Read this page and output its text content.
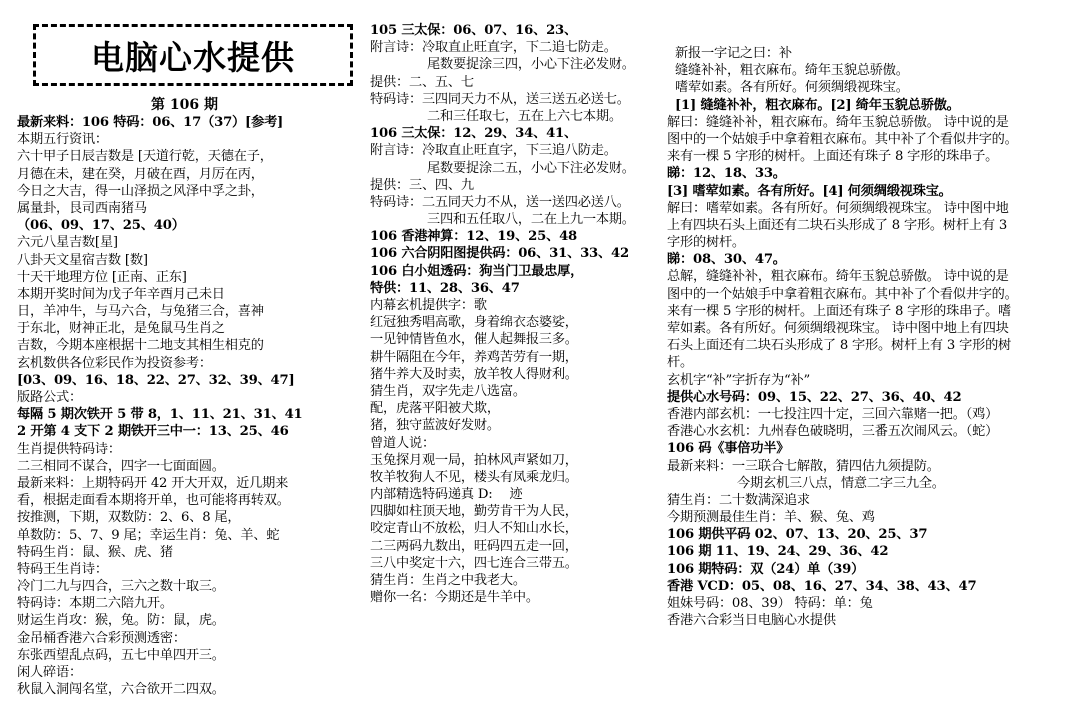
电脑心水提供
第 106 期
最新来料：106 特码：06、17（37）[参考]
本期五行资讯：
六十甲子日辰吉数是 [天道行乾，天德在子，
月德在未，建在癸，月破在酉，月厉在丙，
今日之大吉，得一山泽损之风泽中孚之卦，
属量卦，艮司西南猪马
（06、09、17、25、40）
六元八星吉数[星]
八卦天文星宿吉数 [数]
十天干地理方位 [正南、正东]
本期开奖时间为戊子年辛酉月己未日
日，羊冲牛，与马六合，与兔猪三合，喜神
于东北，财神正北，是兔鼠马生肖之
吉数，今期本座根据十二地支其相生相克的
玄机数供各位彩民作为投资参考：
[03、09、16、18、22、27、32、39、47]
版路公式：
每隔 5 期次铁开 5 带 8，1、11、21、31、41
2 开第 4 支下 2 期铁开三中一：13、25、46
生肖提供特码诗：
二三相同不谋合，四字一七面面圆。
最新来料：上期特码开 42 开大开双，近几期来
看，根据走面看本期将开单，也可能将再转双。
按推测，下期，双数防：2、6、8 尾，
单数防：5、7、9 尾；幸运生肖：兔、羊、蛇
特码生肖：鼠、猴、虎、猪
特码王生肖诗：
冷门二九与四合，三六之数十取三。
特码诗：本期二六陪九开。
财运生肖攻：猴，兔。防：鼠，虎。
金吊桶香港六合彩预测透密：
东张西望乱点码，五七中单四开三。
闲人碎语：
秋鼠入洞闯名堂，六合欲开二四双。
105 三太保：06、07、16、23、
附言诗：冷取直止旺直字，下二追七防走。
尾数要捉涂三四，小心下注必发财。
提供：二、五、七
特码诗：三四同天力不从，送三送五必送七。
二和三任取七，五在上六七本期。
106 三太保：12、29、34、41、
附言诗：冷取直止旺直字，下三追八防走。
尾数要捉涂二五，小心下注必发财。
提供：三、四、九
特码诗：二五同天力不从，送一送四必送八。
三四和五任取八，二在上九一本期。
106 香港神算：12、19、25、48
106 六合阴阳图提供码：06、31、33、42
106 白小姐透码：狗当门卫最忠厚，
特供：11、28、36、47
内幕玄机提供字：歌
红冠独秀唱高歌，身着绵衣态婆娑，
一见钟情皆鱼水，催人起舞报三多。
耕牛隔阻在今年，养鸡苦劳有一期，
猪牛养大及时卖，放羊牧人得财利。
猜生肖，双字先走八选富。
配，虎落平阳被犬欺，
猪，独守蓝波好发财。
曾道人说：
玉兔探月观一局，拍林风声紧如刀，
牧羊牧狗人不见，楼头有凤乘龙归。
内部精选特码递真 D:　 迹
四脚如柱顶天地，勤劳肯干为人民，
咬定青山不放松，归人不知山水长，
二三两码九数出，旺码四五走一回，
三八中奖定十六，四七连合三带五。
猜生肖：生肖之中我老大。
赠你一名：今期还是牛羊中。
新报一字记之曰：补
缝缝补补，粗衣麻布。绮年玉貌总骄傲。
嗜荤如素。各有所好。何须绸缎视珠宝。
[1] 缝缝补补，粗衣麻布。[2] 绮年玉貌总骄傲。
解曰：缝缝补补，粗衣麻布。绮年玉貌总骄傲。 诗中说的是
图中的一个姑娘手中拿着粗衣麻布。其中补了个看似井字的。
来有一棵 5 字形的树杆。上面还有珠子 8 字形的珠串子。
睇：12、18、33。
[3] 嗜荤如素。各有所好。[4] 何须绸缎视珠宝。
解曰：嗜荤如素。各有所好。何须绸缎视珠宝。 诗中图中地
上有四块石头上面还有二块石头形成了 8 字形。树杆上有 3
字形的树杆。
睇：08、30、47。
总解，缝缝补补，粗衣麻布。绮年玉貌总骄傲。 诗中说的是
图中的一个姑娘手中拿着粗衣麻布。其中补了个看似井字的。
来有一棵 5 字形的树杆。上面还有珠子 8 字形的珠串子。嗜
荤如素。各有所好。何须绸缎视珠宝。 诗中图中地上有四块
石头上面还有二块石头形成了 8 字形。树杆上有 3 字形的树
杆。
玄机字“补”字折存为“补”
提供心水号码：09、15、22、27、36、40、42
香港内部玄机：一七投注四十定，三回六靠赌一把。（鸡）
香港心水玄机：九州春色破晓明，三番五次闹风云。（蛇）
106 码《事倍功半》
最新来料：一三联合七解散，猜四估九须提防。
今期玄机三八点，情意二字三九全。
猜生肖：二十数满深追求
今期预测最佳生肖：羊、猴、兔、鸡
106 期供平码 02、07、13、20、25、37
106 期 11、19、24、29、36、42
106 期特码：双（24）单（39）
香港 VCD：05、08、16、27、34、38、43、47
姐妹号码：08、39） 特码：单：兔
香港六合彩当日电脑心水提供
